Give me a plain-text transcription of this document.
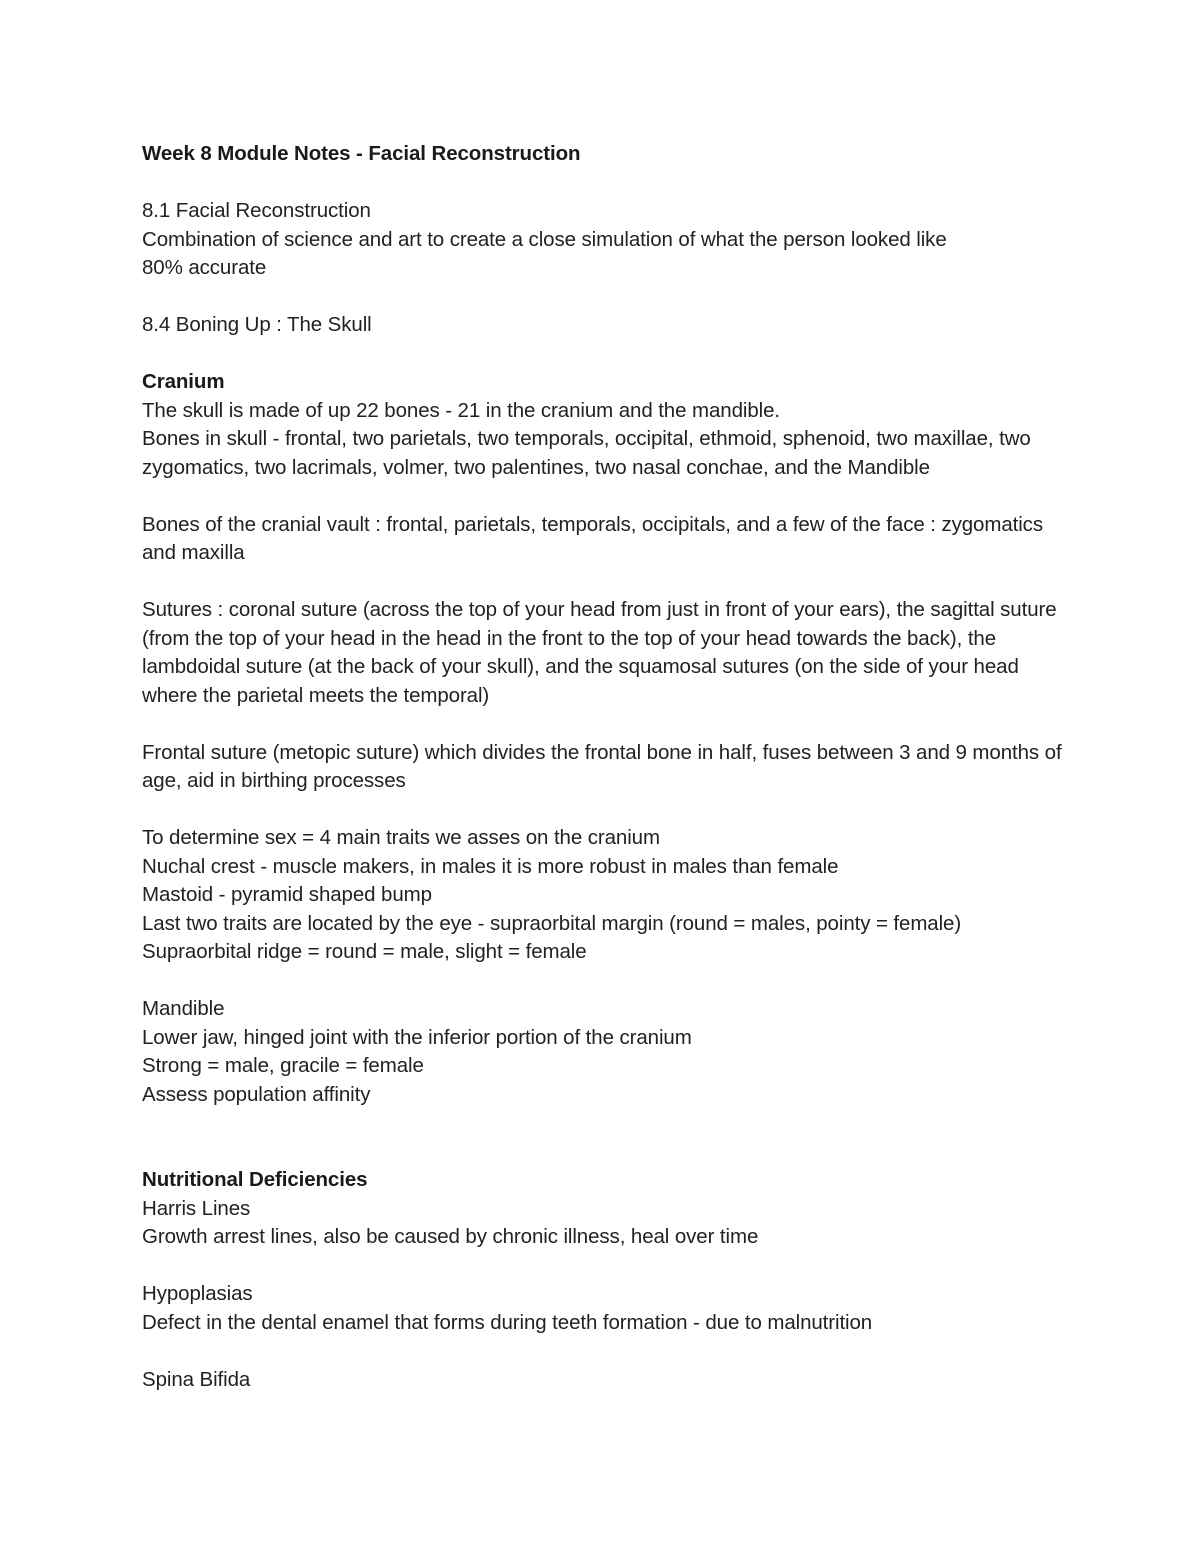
Week 8 Module Notes - Facial Reconstruction
8.1 Facial Reconstruction
Combination of science and art to create a close simulation of what the person looked like
80% accurate
8.4 Boning Up : The Skull
Cranium
The skull is made of up 22 bones - 21 in the cranium and the mandible.
Bones in skull - frontal, two parietals, two temporals, occipital, ethmoid, sphenoid, two maxillae, two zygomatics, two lacrimals, volmer, two palentines, two nasal conchae, and the Mandible
Bones of the cranial vault : frontal, parietals, temporals, occipitals, and a few of the face : zygomatics and maxilla
Sutures : coronal suture (across the top of your head from just in front of your ears), the sagittal suture (from the top of your head in the head in the front to the top of your head towards the back), the lambdoidal suture (at the back of your skull), and the squamosal sutures (on the side of your head where the parietal meets the temporal)
Frontal suture (metopic suture) which divides the frontal bone in half, fuses between 3 and 9 months of age, aid in birthing processes
To determine sex = 4 main traits we asses on the cranium
Nuchal crest - muscle makers, in males it is more robust in males than female
Mastoid - pyramid shaped bump
Last two traits are located by the eye - supraorbital margin (round = males, pointy = female)
Supraorbital ridge = round = male, slight = female
Mandible
Lower jaw, hinged joint with the inferior portion of the cranium
Strong = male, gracile = female
Assess population affinity
Nutritional Deficiencies
Harris Lines
Growth arrest lines, also be caused by chronic illness, heal over time
Hypoplasias
Defect in the dental enamel that forms during teeth formation - due to malnutrition
Spina Bifida
